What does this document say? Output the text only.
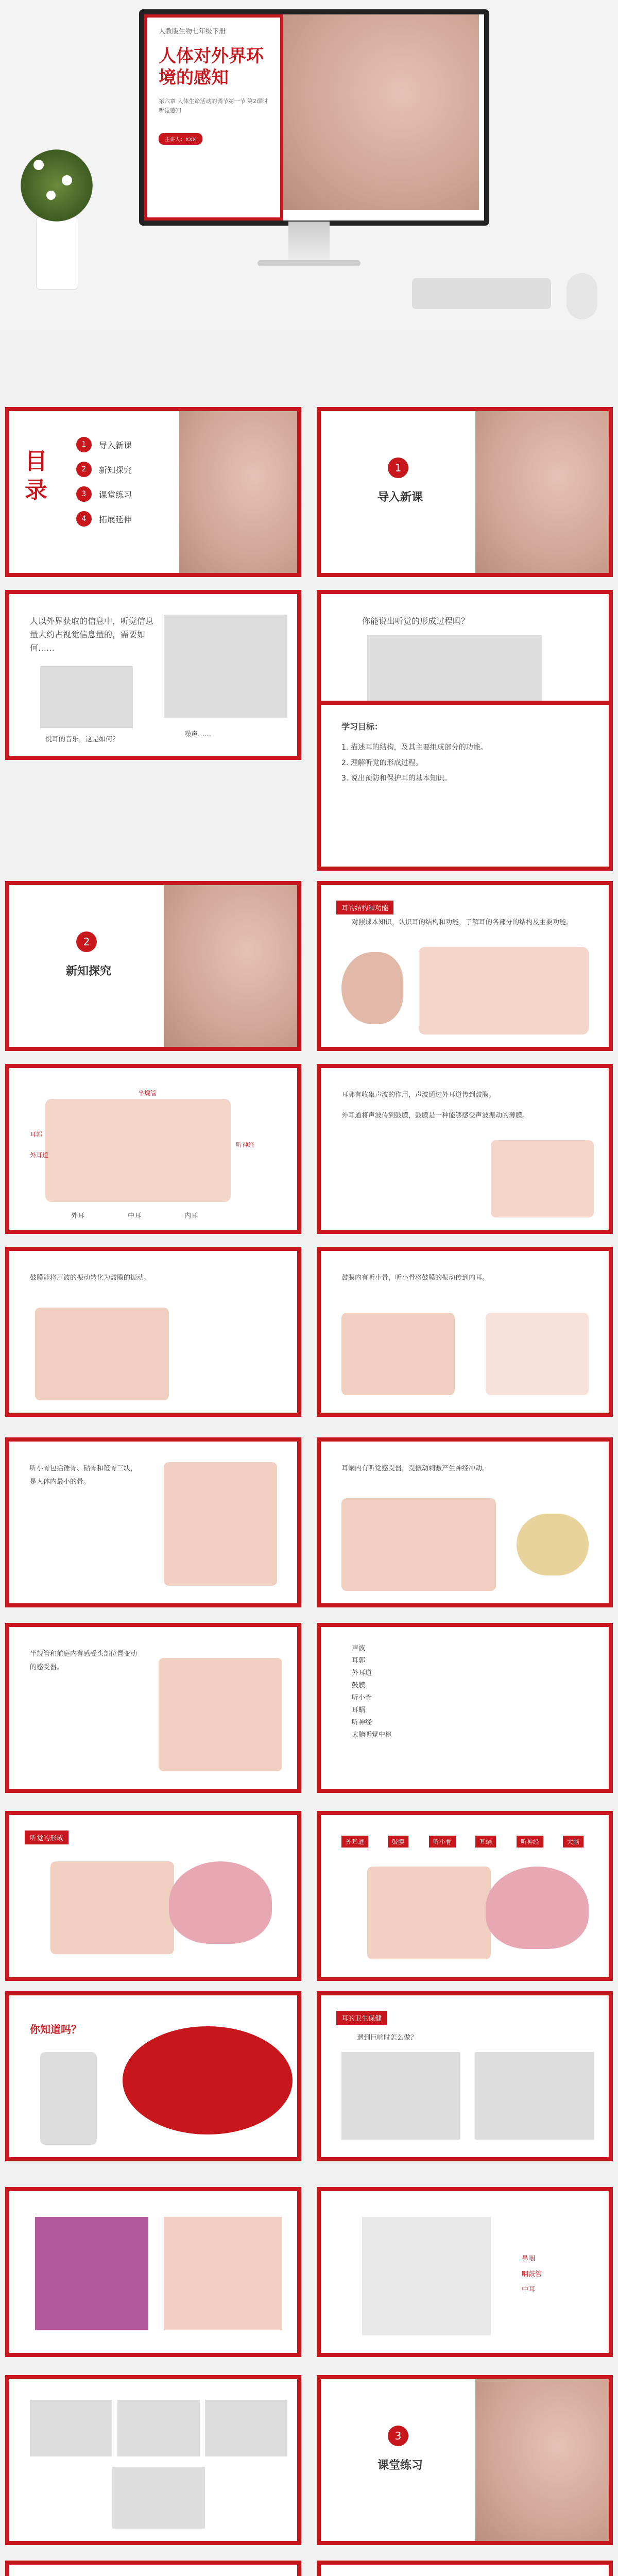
人教版生物七年级下册
人体对外界环境的感知
第六章 人体生命活动的调节第一节 第2课时 听觉感知
主讲人：XXX
目录
1	导入新课
2	新知探究
3	课堂练习
4	拓展延伸
1
导入新课
人以外界获取的信息中，听觉信息量大约占视觉信息量的，需要如何……
悦耳的音乐，这是如何？
噪声……
你能说出听觉的形成过程吗？
学习目标：
1. 描述耳的结构，及其主要组成部分的功能。
2. 理解听觉的形成过程。
3. 说出预防和保护耳的基本知识。
2
新知探究
耳的结构和功能
对照课本知识，认识耳的结构和功能，了解耳的各部分的结构及主要功能。
耳郭
外耳道
半规管
听神经
外耳	中耳	内耳
耳郭有收集声波的作用，声波通过外耳道传到鼓膜。
外耳道将声波传到鼓膜，鼓膜是一种能够感受声波振动的薄膜。
鼓膜能将声波的振动转化为鼓膜的振动。	鼓膜内有听小骨，听小骨将鼓膜的振动传到内耳。
听小骨包括锤骨、砧骨和镫骨三块，是人体内最小的骨。
耳蜗内有听觉感受器，受振动刺激产生神经冲动。
半规管和前庭内有感受头部位置变动的感受器。
声波
耳郭
外耳道
鼓膜
听小骨
耳蜗
听神经
大脑听觉中枢
听觉的形成	外耳道	鼓膜	听小骨	耳蜗	听神经	大脑
你知道吗？
耳的卫生保健
遇到巨响时怎么做？
鼻咽
咽鼓管
中耳
3
课堂练习
